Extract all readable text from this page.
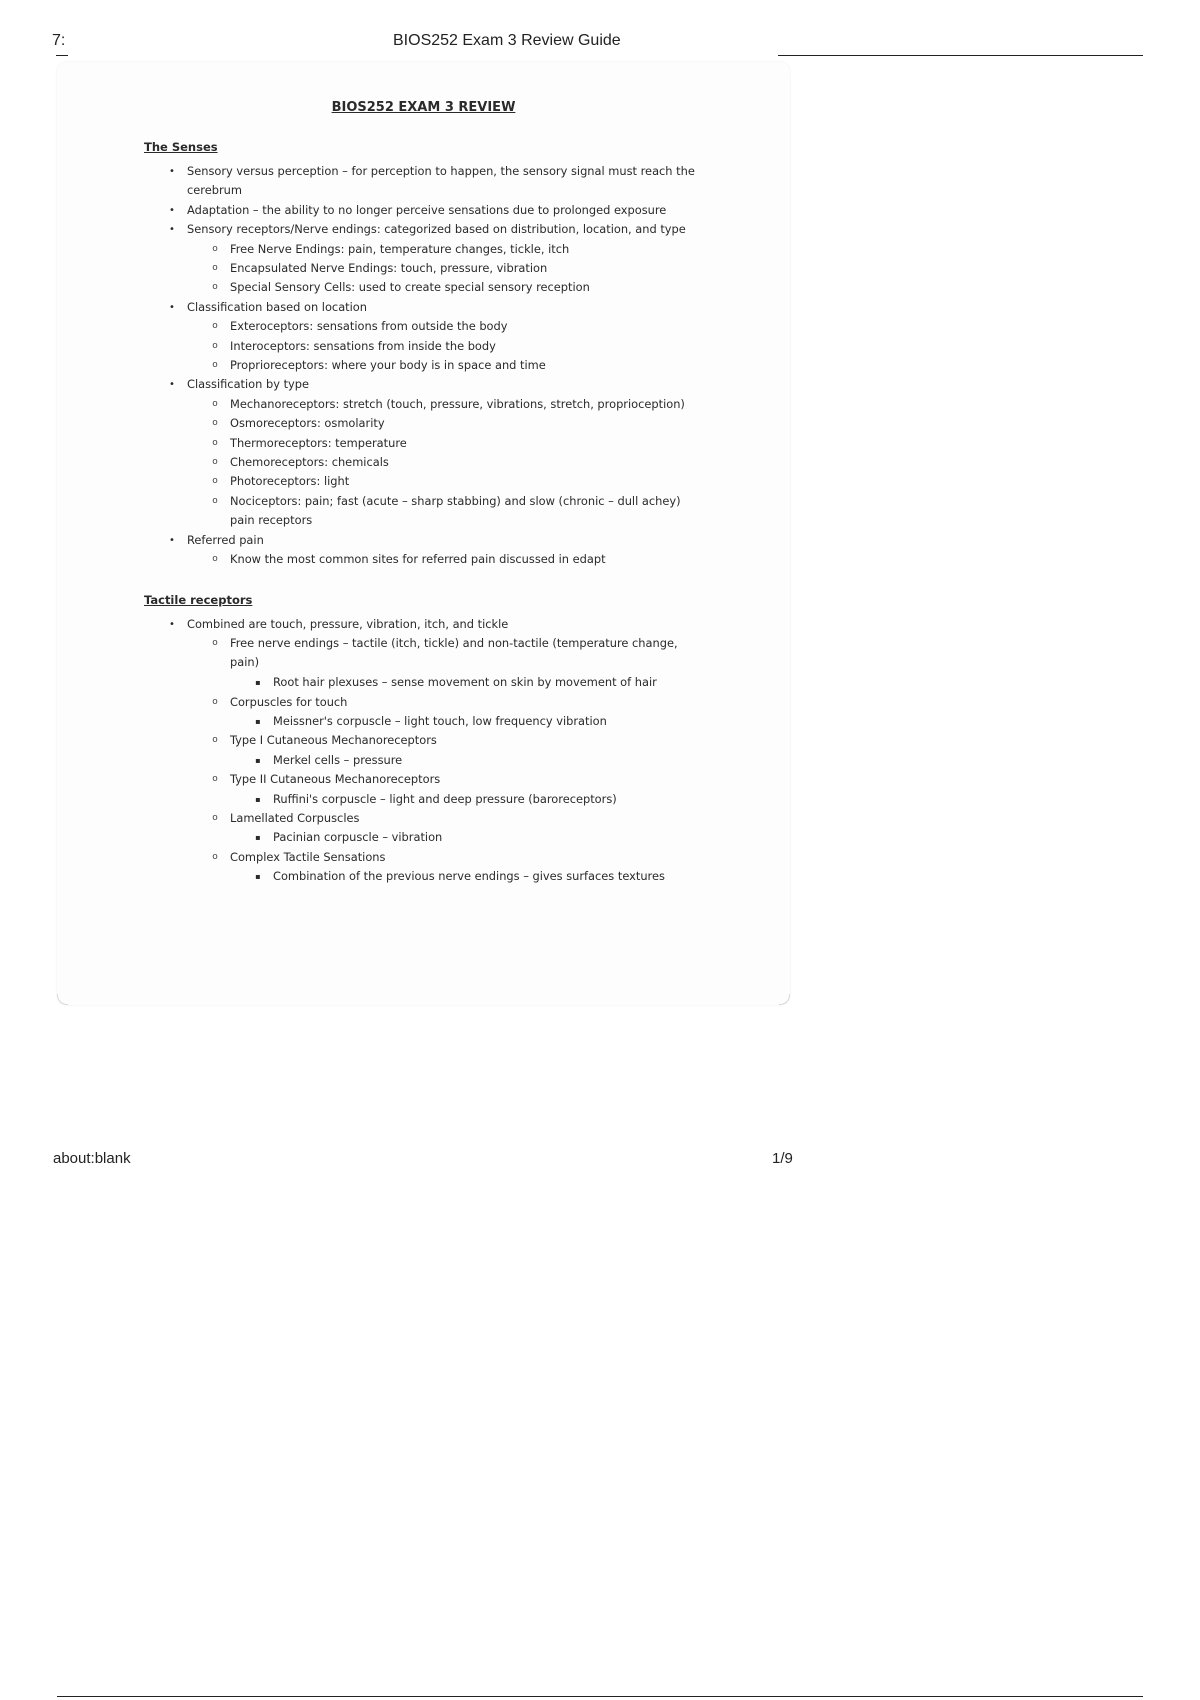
7:	BIOS252 Exam 3 Review Guide
BIOS252 EXAM 3 REVIEW
The Senses
•	Sensory versus perception – for perception to happen, the sensory signal must reach the
cerebrum
•	Adaptation – the ability to no longer perceive sensations due to prolonged exposure
•	Sensory receptors/Nerve endings: categorized based on distribution, location, and type
o	Free Nerve Endings: pain, temperature changes, tickle, itch
o	Encapsulated Nerve Endings: touch, pressure, vibration
o	Special Sensory Cells: used to create special sensory reception
•	Classification based on location
o	Exteroceptors: sensations from outside the body
o	Interoceptors: sensations from inside the body
o	Proprioreceptors: where your body is in space and time
•	Classification by type
o	Mechanoreceptors: stretch (touch, pressure, vibrations, stretch, proprioception)
o	Osmoreceptors: osmolarity
o	Thermoreceptors: temperature
o	Chemoreceptors: chemicals
o	Photoreceptors: light
o	Nociceptors: pain; fast (acute – sharp stabbing) and slow (chronic – dull achey)
pain receptors
•	Referred pain
o	Know the most common sites for referred pain discussed in edapt
Tactile receptors
•	Combined are touch, pressure, vibration, itch, and tickle
o	Free nerve endings – tactile (itch, tickle) and non-tactile (temperature change,
pain)
▪	Root hair plexuses – sense movement on skin by movement of hair
o	Corpuscles for touch
▪	Meissner's corpuscle – light touch, low frequency vibration
o	Type I Cutaneous Mechanoreceptors
▪	Merkel cells – pressure
o	Type II Cutaneous Mechanoreceptors
▪	Ruffini's corpuscle – light and deep pressure (baroreceptors)
o	Lamellated Corpuscles
▪	Pacinian corpuscle – vibration
o	Complex Tactile Sensations
▪	Combination of the previous nerve endings – gives surfaces textures
about:blank	1/9
